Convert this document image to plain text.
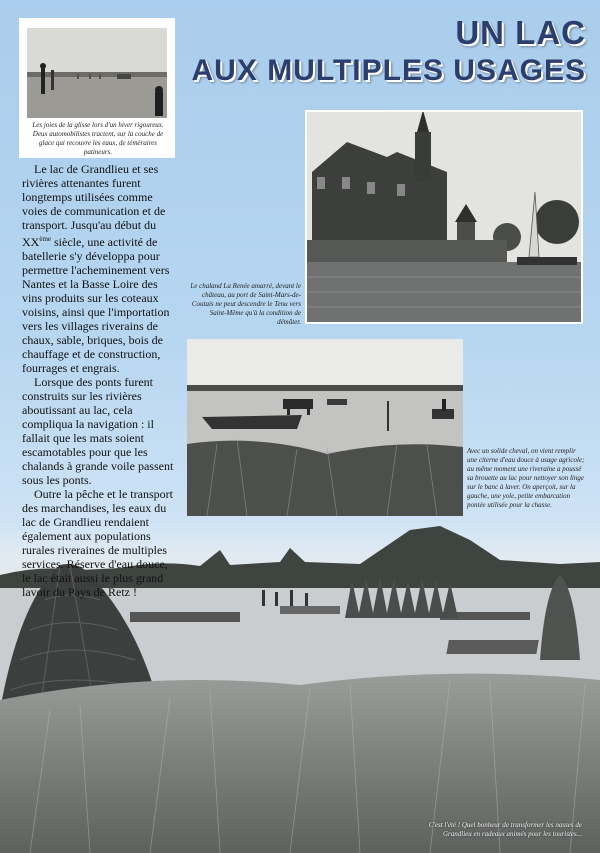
UN LAC
AUX MULTIPLES USAGES
C'est l'été ! Quel bonheur de transformer les nasses de Grandlieu en radeaux animés pour les touristes...
Les joies de la glisse lors d'un hiver rigoureux. Deux automobilistes tractent, sur la couche de glace qui recouvre les eaux, de téméraires patineurs.

Le lac de Grandlieu et ses rivières attenantes furent longtemps utilisées comme voies de communication et de transport. Jusqu'au début du XXème siècle, une activité de batellerie s'y développa pour permettre l'acheminement vers Nantes et la Basse Loire des vins produits sur les coteaux voisins, ainsi que l'importation vers les villages riverains de chaux, sable, briques, bois de chauffage et de construction, fourrages et engrais.

Lorsque des ponts furent construits sur les rivières aboutissant au lac, cela compliqua la navigation : il fallait que les mats soient escamotables pour que les chalands à grande voile passent sous les ponts.

Outre la pêche et le transport des marchandises, les eaux du lac de Grandlieu rendaient également aux populations rurales riveraines de multiples services. Réserve d'eau douce, le lac était aussi le plus grand lavoir du Pays de Retz !

Le chaland La Renée amarré, devant le château, au port de Saint-Mars-de-Coutais ne peut descendre le Tenu vers Saint-Même qu'à la condition de démâter.
Avec un solide cheval, on vient remplir une citerne d'eau douce à usage agricole; au même moment une riveraine a poussé sa brouette au lac pour nettoyer son linge sur le banc à laver. On aperçoit, sur la gauche, une yole, petite embarcation pontée utilisée pour la chasse.
